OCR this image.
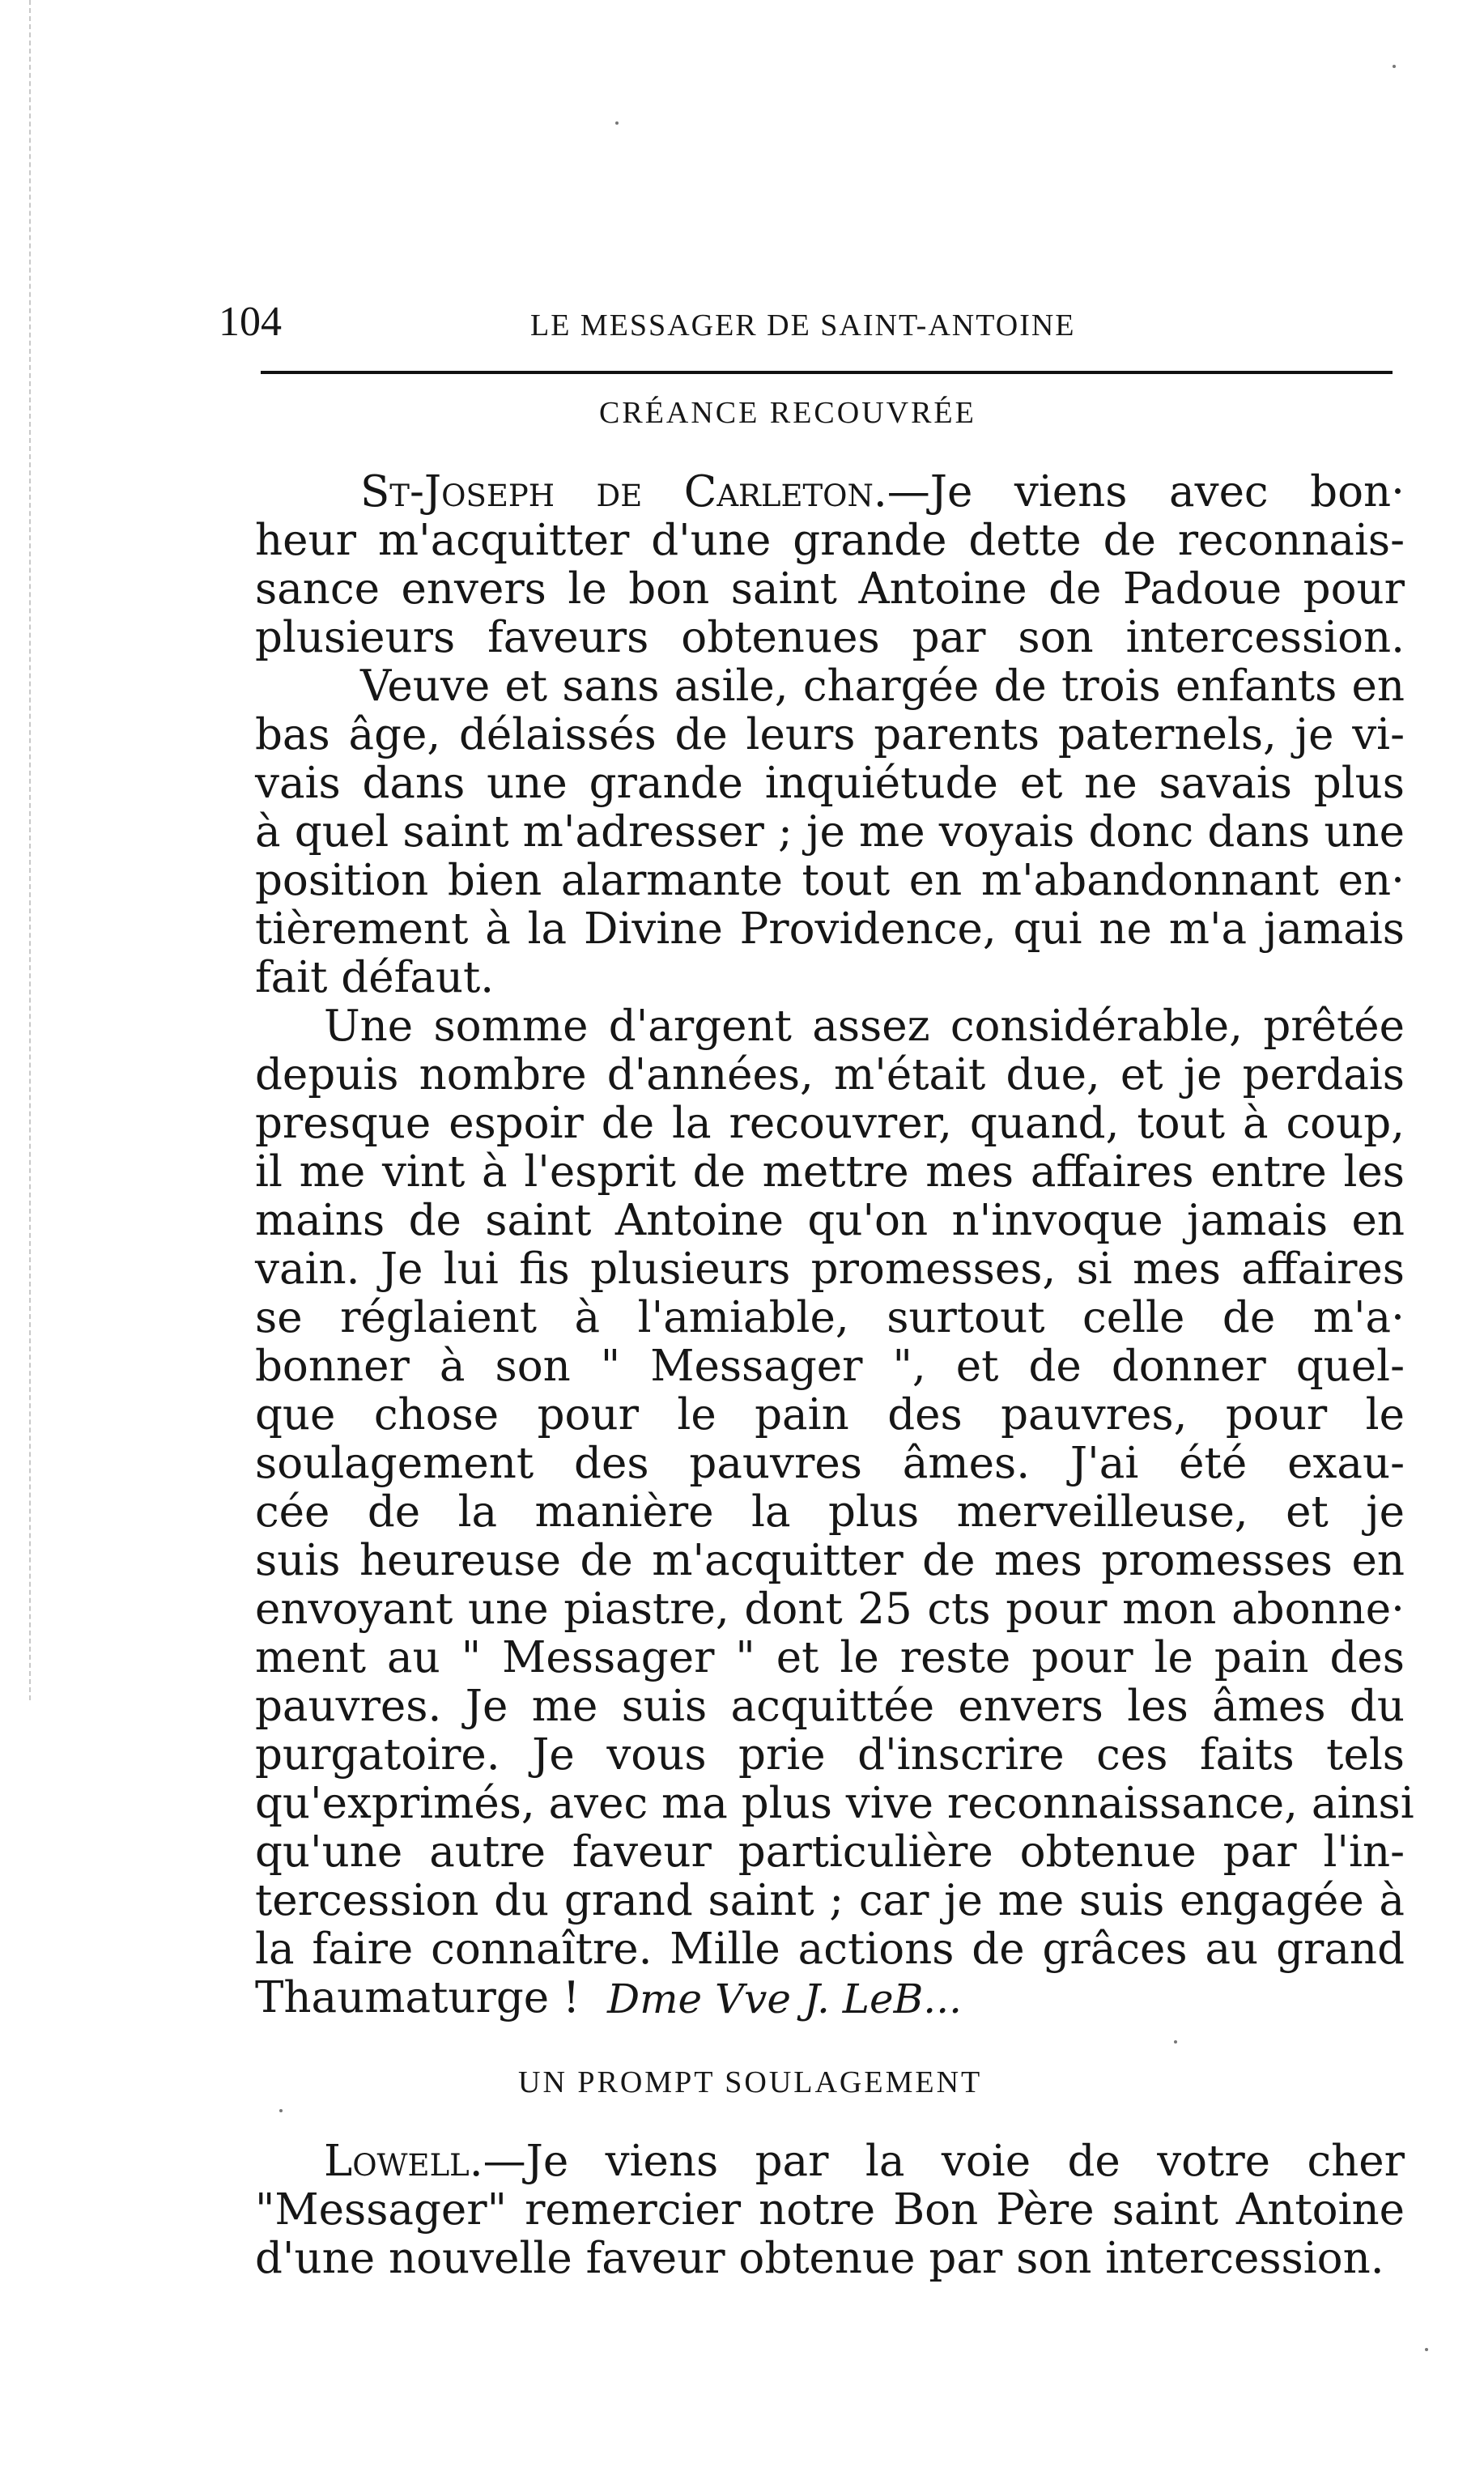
104	LE MESSAGER DE SAINT-ANTOINE
CRÉANCE RECOUVRÉE
St-Joseph de Carleton.—Je viens avec bon·
heur m'acquitter d'une grande dette de reconnais-
sance envers le bon saint Antoine de Padoue pour
plusieurs faveurs obtenues par son intercession.
Veuve et sans asile, chargée de trois enfants en
bas âge, délaissés de leurs parents paternels, je vi-
vais dans une grande inquiétude et ne savais plus
à quel saint m'adresser ; je me voyais donc dans une
position bien alarmante tout en m'abandonnant en·
tièrement à la Divine Providence, qui ne m'a jamais
fait défaut.
Une somme d'argent assez considérable, prêtée
depuis nombre d'années, m'était due, et je perdais
presque espoir de la recouvrer, quand, tout à coup,
il me vint à l'esprit de mettre mes affaires entre les
mains de saint Antoine qu'on n'invoque jamais en
vain. Je lui fis plusieurs promesses, si mes affaires
se réglaient à l'amiable, surtout celle de m'a·
bonner à son " Messager ", et de donner quel-
que chose pour le pain des pauvres, pour le
soulagement des pauvres âmes. J'ai été exau-
cée de la manière la plus merveilleuse, et je
suis heureuse de m'acquitter de mes promesses en
envoyant une piastre, dont 25 cts pour mon abonne·
ment au " Messager " et le reste pour le pain des
pauvres. Je me suis acquittée envers les âmes du
purgatoire. Je vous prie d'inscrire ces faits tels
qu'exprimés, avec ma plus vive reconnaissance, ainsi
qu'une autre faveur particulière obtenue par l'in-
tercession du grand saint ; car je me suis engagée à
la faire connaître. Mille actions de grâces au grand
Thaumaturge ! Dme Vve J. LeB...
UN PROMPT SOULAGEMENT
Lowell.—Je viens par la voie de votre cher
"Messager" remercier notre Bon Père saint Antoine
d'une nouvelle faveur obtenue par son intercession.
